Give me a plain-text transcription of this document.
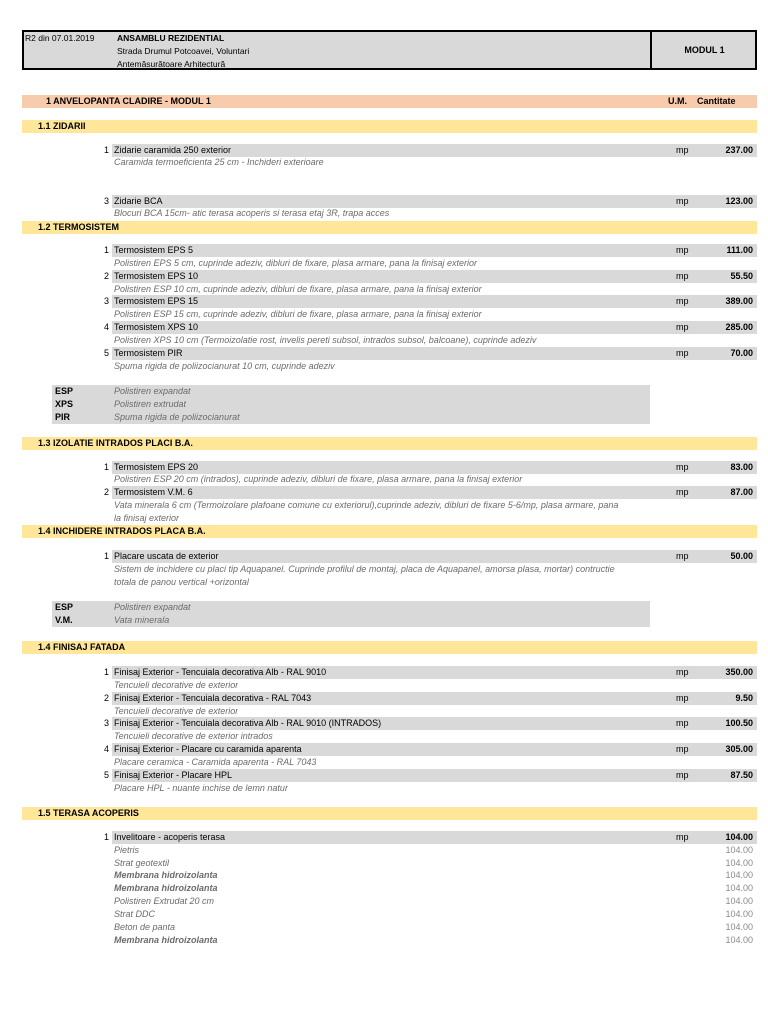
R2 din 07.01.2019	ANSAMBLU REZIDENTIAL
Strada Drumul Potcoavei, Voluntari
Antemăsurătoare Arhitectură
MODUL 1
1 ANVELOPANTA CLADIRE - MODUL 1	U.M. Cantitate
1.1 ZIDARII
1 Zidarie caramida 250 exterior	mp	237.00
Caramida termoeficienta 25 cm - Inchideri exterioare
3 Zidarie BCA	mp	123.00
Blocuri BCA 15cm- atic terasa acoperis si terasa etaj 3R, trapa acces
1.2 TERMOSISTEM
1 Termosistem EPS 5	mp	111.00
Polistiren EPS 5 cm, cuprinde adeziv, dibluri de fixare, plasa armare, pana la finisaj exterior
2 Termosistem EPS 10	mp	55.50
Polistiren ESP 10 cm, cuprinde adeziv, dibluri de fixare, plasa armare, pana la finisaj exterior
3 Termosistem EPS 15	mp	389.00
Polistiren ESP 15 cm, cuprinde adeziv, dibluri de fixare, plasa armare, pana la finisaj exterior
4 Termosistem XPS 10	mp	285.00
Polistiren XPS 10 cm (Termoizolatie rost, invelis pereti subsol, intrados subsol, balcoane), cuprinde adeziv
5 Termosistem PIR	mp	70.00
Spuma rigida de poliizocianurat 10 cm, cuprinde adeziv
ESP	Polistiren expandat
XPS	Polistiren extrudat
PIR	Spuma rigida de poliizocianurat
1.3 IZOLATIE INTRADOS PLACI B.A.
1 Termosistem EPS 20	mp	83.00
Polistiren ESP 20 cm (intrados), cuprinde adeziv, dibluri de fixare, plasa armare, pana la finisaj exterior
2 Termosistem V.M. 6	mp	87.00
Vata minerala 6 cm (Termoizolare plafoane comune cu exteriorul),cuprinde adeziv, dibluri de fixare 5-6/mp, plasa armare, pana
la finisaj exterior
1.4 INCHIDERE INTRADOS PLACA B.A.
1 Placare uscata de exterior	mp	50.00
Sistem de inchidere cu placi tip Aquapanel. Cuprinde profilul de montaj, placa de Aquapanel, amorsa plasa, mortar) contructie
totala de panou vertical +orizontal
ESP	Polistiren expandat
V.M.	Vata minerala
1.4 FINISAJ FATADA
1 Finisaj Exterior - Tencuiala decorativa Alb - RAL 9010	mp	350.00
Tencuieli decorative de exterior
2 Finisaj Exterior - Tencuiala decorativa - RAL 7043	mp	9.50
Tencuieli decorative de exterior
3 Finisaj Exterior - Tencuiala decorativa Alb - RAL 9010 (INTRADOS)	mp	100.50
Tencuieli decorative de exterior intrados
4 Finisaj Exterior - Placare cu caramida aparenta	mp	305.00
Placare ceramica - Caramida aparenta - RAL 7043
5 Finisaj Exterior - Placare HPL	mp	87.50
Placare HPL - nuante inchise de lemn natur
1.5 TERASA ACOPERIS
1 Invelitoare - acoperis terasa	mp	104.00
Pietris	104.00
Strat geotextil	104.00
Membrana hidroizolanta	104.00
Membrana hidroizolanta	104.00
Polistiren Extrudat 20 cm	104.00
Strat DDC	104.00
Beton de panta	104.00
Membrana hidroizolanta	104.00
